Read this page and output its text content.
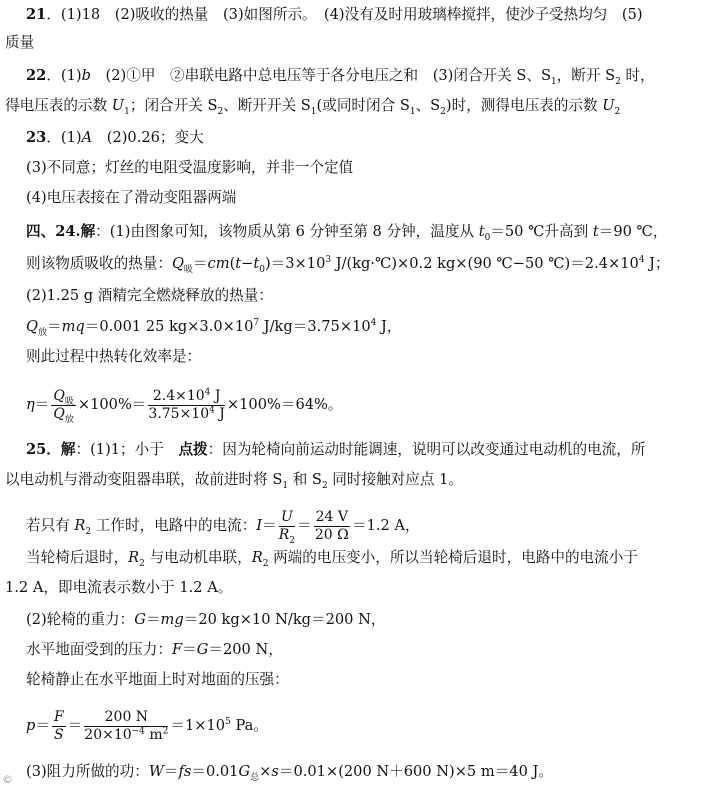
21．(1)18　(2)吸收的热量　(3)如图所示。　(4)没有及时用玻璃棒搅拌，使沙子受热均匀　(5)
质量
22．(1)b　(2)①甲　②串联电路中总电压等于各分电压之和　(3)闭合开关 S、$S_1$，断开 $S_2$ 时，
得电压表的示数 $U_1$；闭合开关 $S_2$、断开开关 $S_1$(或同时闭合 $S_1$、$S_2$)时，测得电压表的示数 $U_2$
23．(1)A　(2)0.26；变大
(3)不同意；灯丝的电阻受温度影响，并非一个定值
(4)电压表接在了滑动变阻器两端
四、24.解：(1)由图象可知，该物质从第 6 分钟至第 8 分钟，温度从 $t_0=50$ ℃升高到 t＝90 ℃，
则该物质吸收的热量：$Q_吸=cm(t-t_0)=3\times 10^3$ J/(kg·℃)×0.2 kg×(90 ℃−50 $℃)=2.4\times 10^4$ J；
(2)1.25 g 酒精完全燃烧释放的热量：
$Q_放=mq=0.001$ 25 $kg\times 3.0\times 10^7$ $J/kg=3.75\times 10^4$ J，
则此过程中热转化效率是：
$\eta= \frac{Q_吸}{Q_放} \times 100\%= \frac{2.4\times 10^4 J}{3.75\times 10^4 J} \times 100\%=64\%$。
25．解：(1)1；小于　点拨：因为轮椅向前运动时能调速，说明可以改变通过电动机的电流，所
以电动机与滑动变阻器串联，故前进时将 $S_1$ 和 $S_2$ 同时接触对应点 1。
若只有 $R_2$ 工作时，电路中的电流：$I= \frac{U}{R_2} = \frac{24 V}{20 \Omega} =1.2$ A，
当轮椅后退时，$R_2$ 与电动机串联，$R_2$ 两端的电压变小，所以当轮椅后退时，电路中的电流小于
1.2 A，即电流表示数小于 1.2 A。
(2)轮椅的重力：G＝mg＝20 kg×10 N/kg＝200 N，
水平地面受到的压力：F＝G＝200 N，
轮椅静止在水平地面上时对地面的压强：
$p= \frac{F}{S} = \frac{200 N}{20\times 10^{-4} m^2} =1\times 10^5$ Pa。
(3)阻力所做的功：$W=fs=0.01G_总\times s=0.01\times(200$ N＋600 N)×5 m＝40 J。
©
